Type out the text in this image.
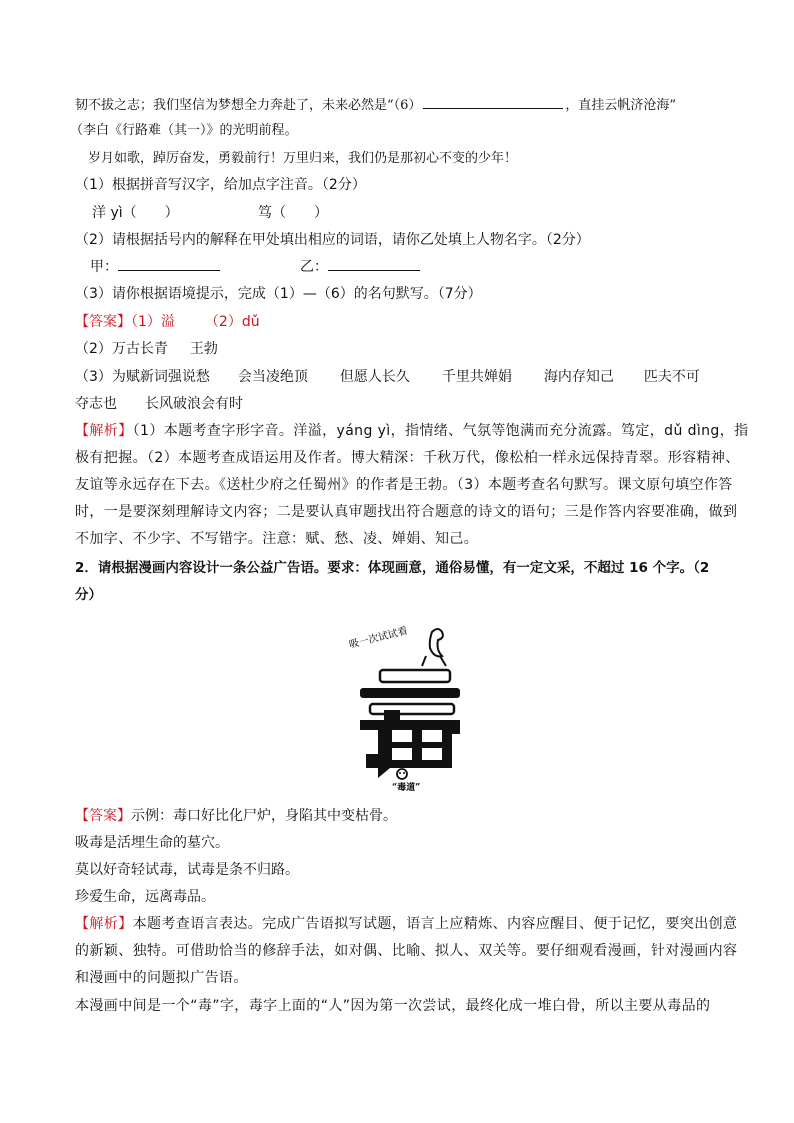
韧不拔之志；我们坚信为梦想全力奔赴了，未来必然是“（6）	，直挂云帆济沧海”
（李白《行路难（其一）》的光明前程。
岁月如歌，踔厉奋发，勇毅前行！万里归来，我们仍是那初心不变的少年！
（1）根据拼音写汉字，给加点字注音。（2分）
洋 yì（　　）	笃（　　）
（2）请根据括号内的解释在甲处填出相应的词语，请你乙处填上人物名字。（2分）
甲：	乙：
（3）请你根据语境提示，完成（1）—（6）的名句默写。（7分）
【答案】（1）溢 （2）dǔ
（2）万古长青 王勃
（3）为赋新词强说愁 会当凌绝顶 但愿人长久 千里共婵娟 海内存知己 匹夫不可
夺志也 长风破浪会有时
【解析】（1）本题考查字形字音。洋溢，yáng yì，指情绪、气氛等饱满而充分流露。笃定，dǔ dìng，指
极有把握。（2）本题考查成语运用及作者。博大精深：千秋万代，像松柏一样永远保持青翠。形容精神、
友谊等永远存在下去。《送杜少府之任蜀州》的作者是王勃。（3）本题考查名句默写。课文原句填空作答
时，一是要深刻理解诗文内容；二是要认真审题找出符合题意的诗文的语句；三是作答内容要准确，做到
不加字、不少字、不写错字。注意：赋、愁、凌、婵娟、知己。
2．请根据漫画内容设计一条公益广告语。要求：体现画意，通俗易懂，有一定文采，不超过 16 个字。（2
分）
吸一次试试看
“毒道”
【答案】示例：毒口好比化尸炉，身陷其中变枯骨。
吸毒是活埋生命的墓穴。
莫以好奇轻试毒，试毒是条不归路。
珍爱生命，远离毒品。
【解析】本题考查语言表达。完成广告语拟写试题，语言上应精炼、内容应醒目、便于记忆，要突出创意
的新颖、独特。可借助恰当的修辞手法，如对偶、比喻、拟人、双关等。要仔细观看漫画，针对漫画内容
和漫画中的问题拟广告语。
本漫画中间是一个“毒”字，毒字上面的“人”因为第一次尝试，最终化成一堆白骨，所以主要从毒品的
